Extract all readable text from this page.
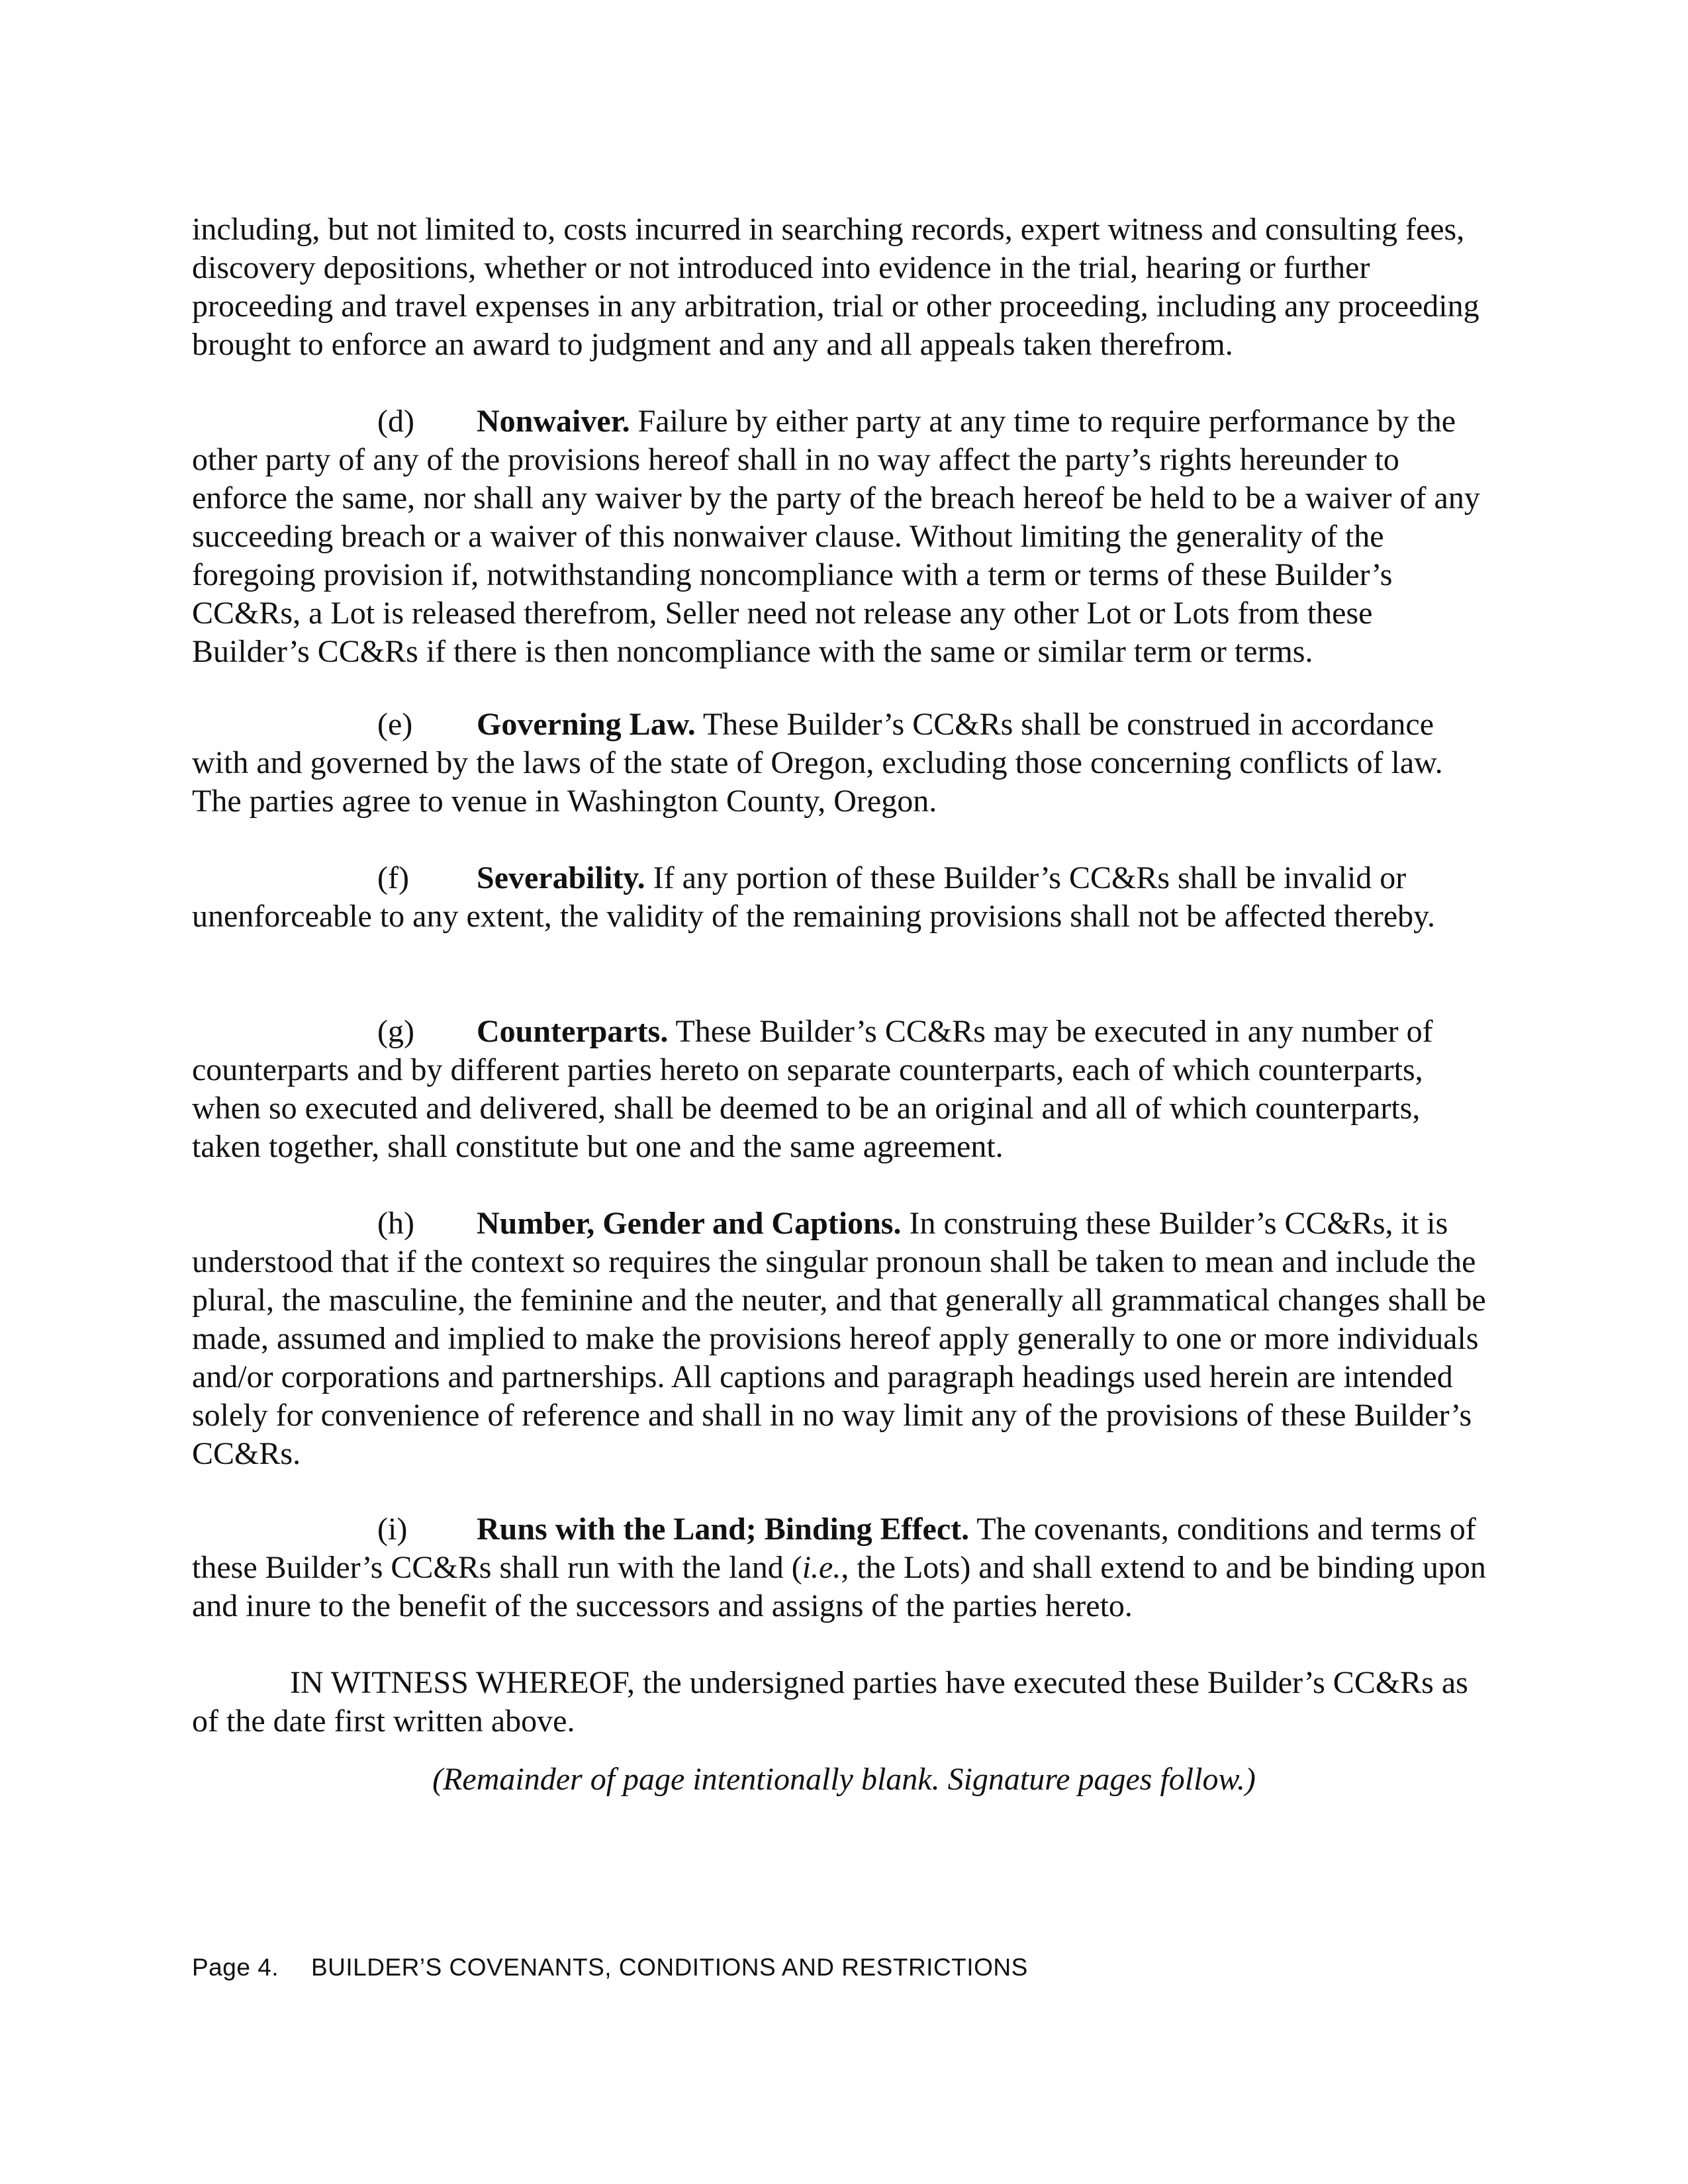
including, but not limited to, costs incurred in searching records, expert witness and consulting fees, discovery depositions, whether or not introduced into evidence in the trial, hearing or further proceeding and travel expenses in any arbitration, trial or other proceeding, including any proceeding brought to enforce an award to judgment and any and all appeals taken therefrom.

(d) Nonwaiver. Failure by either party at any time to require performance by the other party of any of the provisions hereof shall in no way affect the party’s rights hereunder to enforce the same, nor shall any waiver by the party of the breach hereof be held to be a waiver of any succeeding breach or a waiver of this nonwaiver clause. Without limiting the generality of the foregoing provision if, notwithstanding noncompliance with a term or terms of these Builder’s CC&Rs, a Lot is released therefrom, Seller need not release any other Lot or Lots from these Builder’s CC&Rs if there is then noncompliance with the same or similar term or terms.

(e) Governing Law. These Builder’s CC&Rs shall be construed in accordance with and governed by the laws of the state of Oregon, excluding those concerning conflicts of law. The parties agree to venue in Washington County, Oregon.

(f) Severability. If any portion of these Builder’s CC&Rs shall be invalid or unenforceable to any extent, the validity of the remaining provisions shall not be affected thereby.

(g) Counterparts. These Builder’s CC&Rs may be executed in any number of counterparts and by different parties hereto on separate counterparts, each of which counterparts, when so executed and delivered, shall be deemed to be an original and all of which counterparts, taken together, shall constitute but one and the same agreement.

(h) Number, Gender and Captions. In construing these Builder’s CC&Rs, it is understood that if the context so requires the singular pronoun shall be taken to mean and include the plural, the masculine, the feminine and the neuter, and that generally all grammatical changes shall be made, assumed and implied to make the provisions hereof apply generally to one or more individuals and/or corporations and partnerships. All captions and paragraph headings used herein are intended solely for convenience of reference and shall in no way limit any of the provisions of these Builder’s CC&Rs.

(i) Runs with the Land; Binding Effect. The covenants, conditions and terms of these Builder’s CC&Rs shall run with the land (i.e., the Lots) and shall extend to and be binding upon and inure to the benefit of the successors and assigns of the parties hereto.

IN WITNESS WHEREOF, the undersigned parties have executed these Builder’s CC&Rs as of the date first written above.

(Remainder of page intentionally blank. Signature pages follow.)

Page 4. BUILDER’S COVENANTS, CONDITIONS AND RESTRICTIONS
